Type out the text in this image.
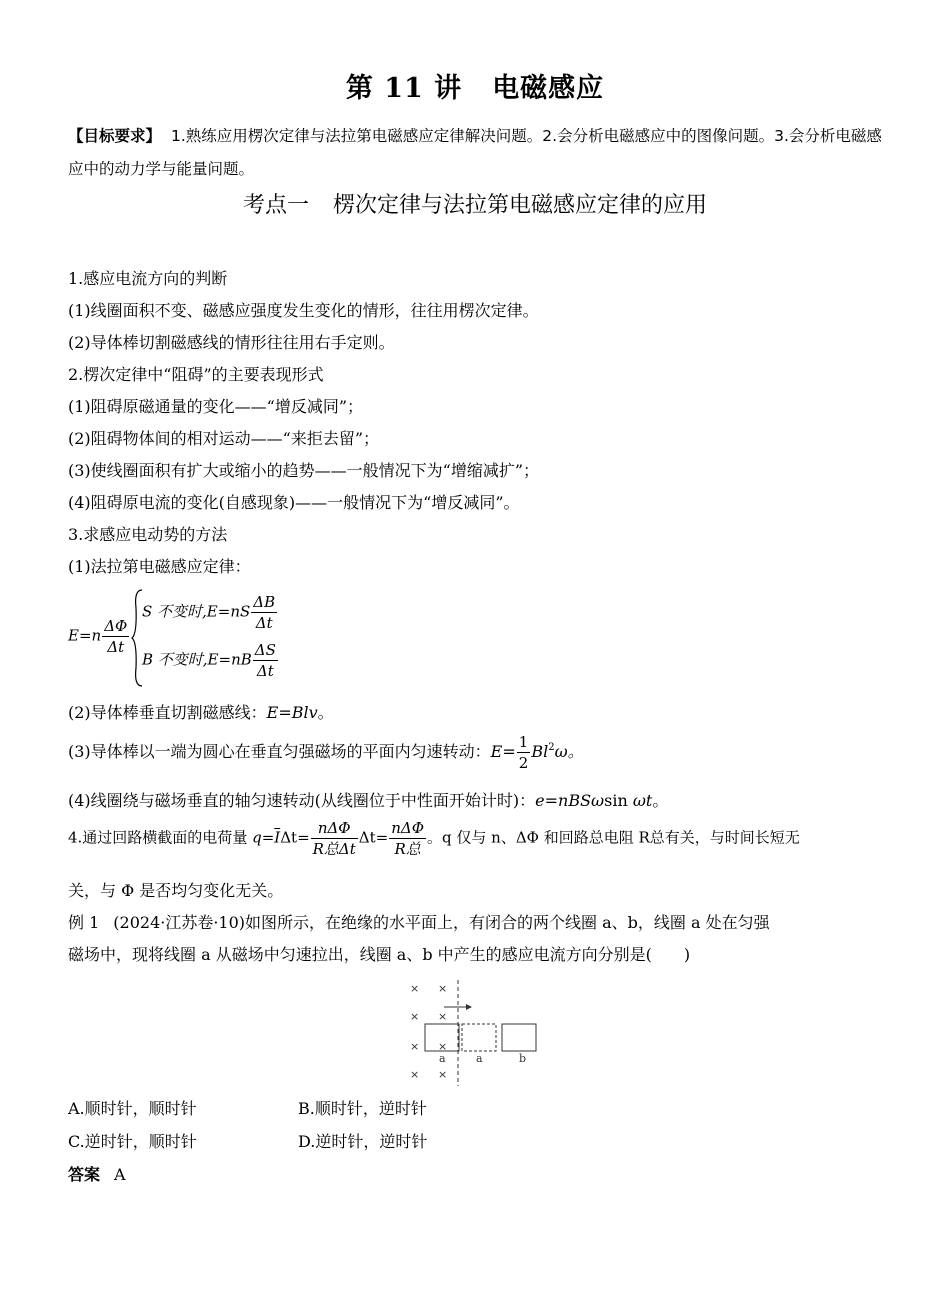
第 11 讲 电磁感应
【目标要求】 1.熟练应用楞次定律与法拉第电磁感应定律解决问题。2.会分析电磁感应中的图像问题。3.会分析电磁感应中的动力学与能量问题。
考点一 楞次定律与法拉第电磁感应定律的应用
1.感应电流方向的判断
(1)线圈面积不变、磁感应强度发生变化的情形，往往用楞次定律。
(2)导体棒切割磁感线的情形往往用右手定则。
2.楞次定律中“阻碍”的主要表现形式
(1)阻碍原磁通量的变化——“增反减同”；
(2)阻碍物体间的相对运动——“来拒去留”；
(3)使线圈面积有扩大或缩小的趋势——一般情况下为“增缩减扩”；
(4)阻碍原电流的变化(自感现象)——一般情况下为“增反减同”。
3.求感应电动势的方法
(1)法拉第电磁感应定律：
$E=n \frac{\Delta\Phi}{\Delta t}$
S 不变时$,E=nS \frac{\Delta B}{\Delta t}$
B 不变时$,E=nB \frac{\Delta S}{\Delta t}$
(2)导体棒垂直切割磁感线：E=Blv。
(3)导体棒以一端为圆心在垂直匀强磁场的平面内匀速转动：$E= \frac{1}{2} Bl^2\omega$。
(4)线圈绕与磁场垂直的轴匀速转动(从线圈位于中性面开始计时)：e=nBSωsin ωt。
4.通过回路横截面的电荷量 $q=\overline{I}\Delta t= \frac{\text{nΔΦ}}{\text{R总Δt}} \Delta t= \frac{\text{nΔΦ}}{\text{R总}}$ 。q 仅与 n、ΔΦ 和回路总电阻 R总有关，与时间长短无
关，与 Φ 是否均匀变化无关。
例 1 (2024·江苏卷·10)如图所示，在绝缘的水平面上，有闭合的两个线圈 a、b，线圈 a 处在匀强
磁场中，现将线圈 a 从磁场中匀速拉出，线圈 a、b 中产生的感应电流方向分别是(　　)
× ×
× ×
× ×
× ×
a	a	b
A.顺时针，顺时针	B.顺时针，逆时针
C.逆时针，顺时针	D.逆时针，逆时针
答案 A
